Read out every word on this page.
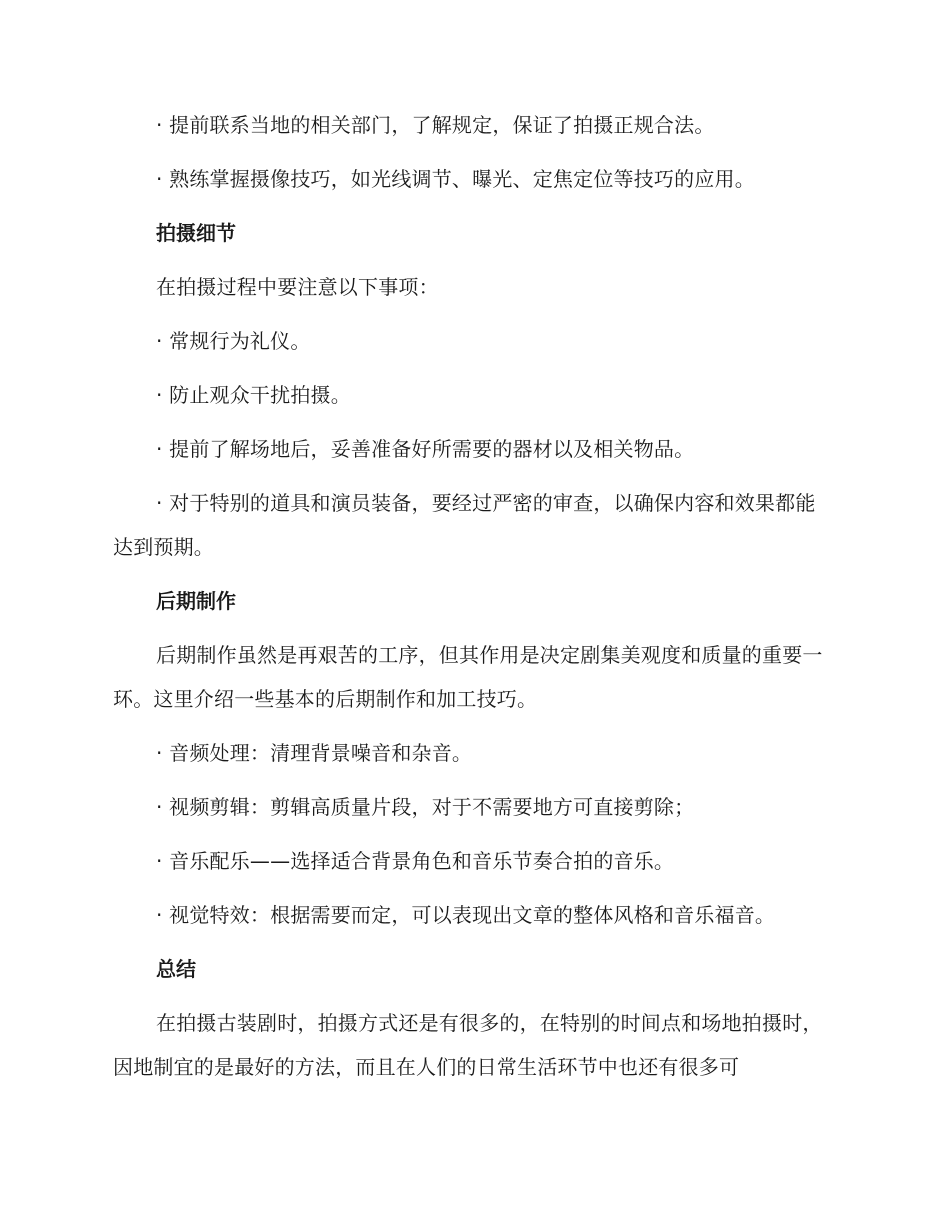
· 提前联系当地的相关部门，了解规定，保证了拍摄正规合法。

· 熟练掌握摄像技巧，如光线调节、曝光、定焦定位等技巧的应用。

拍摄细节

在拍摄过程中要注意以下事项：

· 常规行为礼仪。

· 防止观众干扰拍摄。

· 提前了解场地后，妥善准备好所需要的器材以及相关物品。

· 对于特别的道具和演员装备，要经过严密的审查，以确保内容和效果都能达到预期。

后期制作

后期制作虽然是再艰苦的工序，但其作用是决定剧集美观度和质量的重要一环。这里介绍一些基本的后期制作和加工技巧。

· 音频处理：清理背景噪音和杂音。

· 视频剪辑：剪辑高质量片段，对于不需要地方可直接剪除；

· 音乐配乐——选择适合背景角色和音乐节奏合拍的音乐。

· 视觉特效：根据需要而定，可以表现出文章的整体风格和音乐福音。

总结

在拍摄古装剧时，拍摄方式还是有很多的，在特别的时间点和场地拍摄时，因地制宜的是最好的方法，而且在人们的日常生活环节中也还有很多可
